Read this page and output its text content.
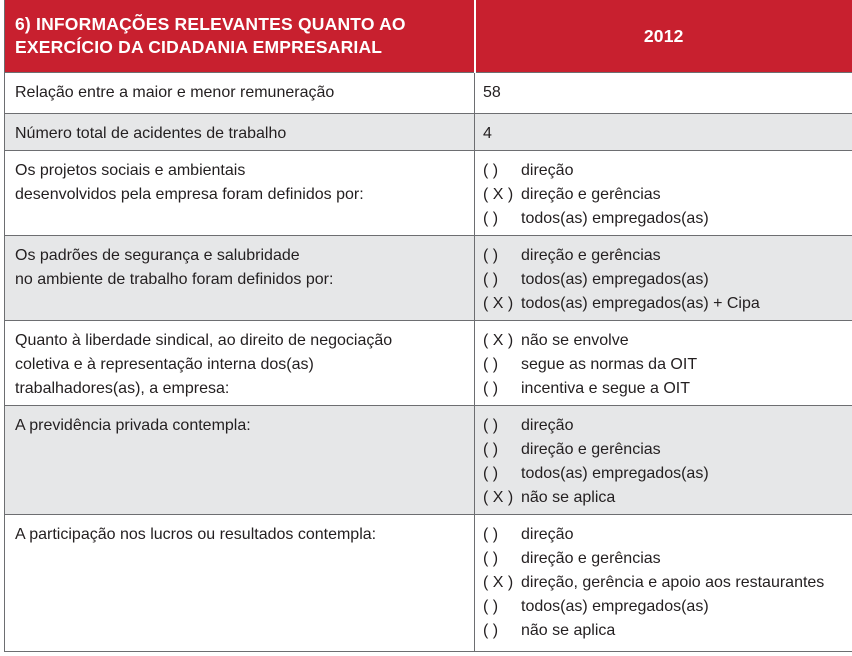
6) INFORMAÇÕES RELEVANTES QUANTO AO
EXERCÍCIO DA CIDADANIA EMPRESARIAL	2012

Relação entre a maior e menor remuneração	58

Número total de acidentes de trabalho	4

Os projetos sociais e ambientais
desenvolvidos pela empresa foram definidos por:	( ) direção
( X ) direção e gerências
( ) todos(as) empregados(as)

Os padrões de segurança e salubridade
no ambiente de trabalho foram definidos por:	( ) direção e gerências
( ) todos(as) empregados(as)
( X ) todos(as) empregados(as) + Cipa

Quanto à liberdade sindical, ao direito de negociação
coletiva e à representação interna dos(as)
trabalhadores(as), a empresa:	( X ) não se envolve
( ) segue as normas da OIT
( ) incentiva e segue a OIT

A previdência privada contempla:	( ) direção
( ) direção e gerências
( ) todos(as) empregados(as)
( X ) não se aplica

A participação nos lucros ou resultados contempla:	( ) direção
( ) direção e gerências
( X ) direção, gerência e apoio aos restaurantes
( ) todos(as) empregados(as)
( ) não se aplica
